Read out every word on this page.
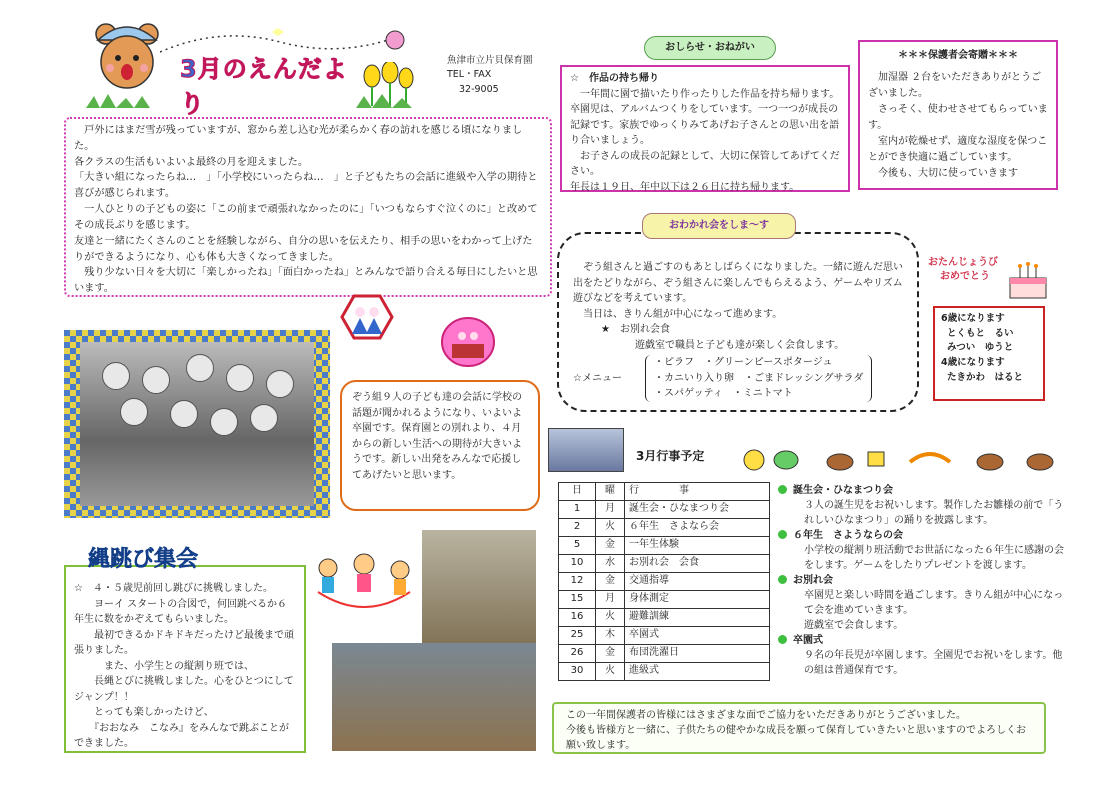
3月のえんだより
魚津市立片貝保育園
TEL・FAX
32-9005
　戸外にはまだ雪が残っていますが、窓から差し込む光が柔らかく春の訪れを感じる頃になりました。
各クラスの生活もいよいよ最終の月を迎えました。
「大きい組になったらね…　」「小学校にいったらね…　」と子どもたちの会話に進級や入学の期待と喜びが感じられます。
　一人ひとりの子どもの姿に「この前まで頑張れなかったのに」「いつもならすぐ泣くのに」と改めてその成長ぶりを感じます。
友達と一緒にたくさんのことを経験しながら、自分の思いを伝えたり、相手の思いをわかって上げたりができるようになり、心も体も大きくなってきました。
　残り少ない日々を大切に「楽しかったね」「面白かったね」とみんなで語り合える毎日にしたいと思います。
おしらせ・おねがい
☆　作品の持ち帰り
　一年間に園で描いたり作ったりした作品を持ち帰ります。卒園児は、アルバムつくりをしています。一つ一つが成長の記録です。家族でゆっくりみてあげお子さんとの思い出を語り合いましょう。
　お子さんの成長の記録として、大切に保管してあげてください。
年長は１９日、年中以下は２６日に持ち帰ります。
＊＊＊保護者会寄贈＊＊＊
　加湿器 ２台をいただきありがとうございました。
　さっそく、使わせさせてもらっています。
　室内が乾燥せず、適度な湿度を保つことができ快適に過ごしています。
　今後も、大切に使っていきます
　ぞう組さんと過ごすのもあとしばらくになりました。一緒に遊んだ思い出をたどりながら、ぞう組さんに楽しんでもらえるよう、ゲームやリズム遊びなどを考えています。
　当日は、きりん組が中心になって進めます。
★　お別れ会食
遊戯室で職員と子ども達が楽しく会食します。
☆メニュー
・ピラフ　・グリーンピースポタージュ
・カニいり入り卵　・ごまドレッシングサラダ
・スパゲッティ　・ミニトマト
おわかれ会をしま～す
おたんじょうび
おめでとう
6歳になります
とくもと　るい
みつい　ゆうと
4歳になります
たきかわ　はると
ぞう組９人の子ども達の会話に学校の話題が聞かれるようになり、いよいよ卒園です。保育園との別れより、４月からの新しい生活への期待が大きいようです。新しい出発をみんなで応援してあげたいと思います。
☆　４・５歳児前回し跳びに挑戦しました。
　　ヨーイ スタートの合図で，何回跳べるか６年生に数をかぞえてもらいました。
　　最初できるかドキドキだったけど最後まで頑張りました。
　　　また、小学生との縦割り班では、
　　長縄とびに挑戦しました。心をひとつにしてジャンプ！！
　　とっても楽しかったけど、
　　『おおなみ　こなみ』をみんなで跳ぶことができました。
縄跳び集会
3月行事予定
日	曜	行　　　　事
1	月	誕生会・ひなまつり会
2	火	６年生　さよなら会
5	金	一年生体験
10	水	お別れ会　会食
12	金	交通指導
15	月	身体測定
16	火	避難訓練
25	木	卒園式
26	金	布団洗濯日
30	火	進級式
誕生会・ひなまつり会
３人の誕生児をお祝いします。製作したお雛様の前で「うれしいひなまつり」の踊りを披露します。
６年生　さようならの会
小学校の縦割り班活動でお世話になった６年生に感謝の会をします。ゲームをしたりプレゼントを渡します。
お別れ会
卒園児と楽しい時間を過ごします。きりん組が中心になって会を進めていきます。
遊戯室で会食します。
卒園式
９名の年長児が卒園します。全園児でお祝いをします。他の組は普通保育です。
この一年間保護者の皆様にはさまざまな面でご協力をいただきありがとうございました。
今後も皆様方と一緒に、子供たちの健やかな成長を願って保育していきたいと思いますのでよろしくお願い致します。
